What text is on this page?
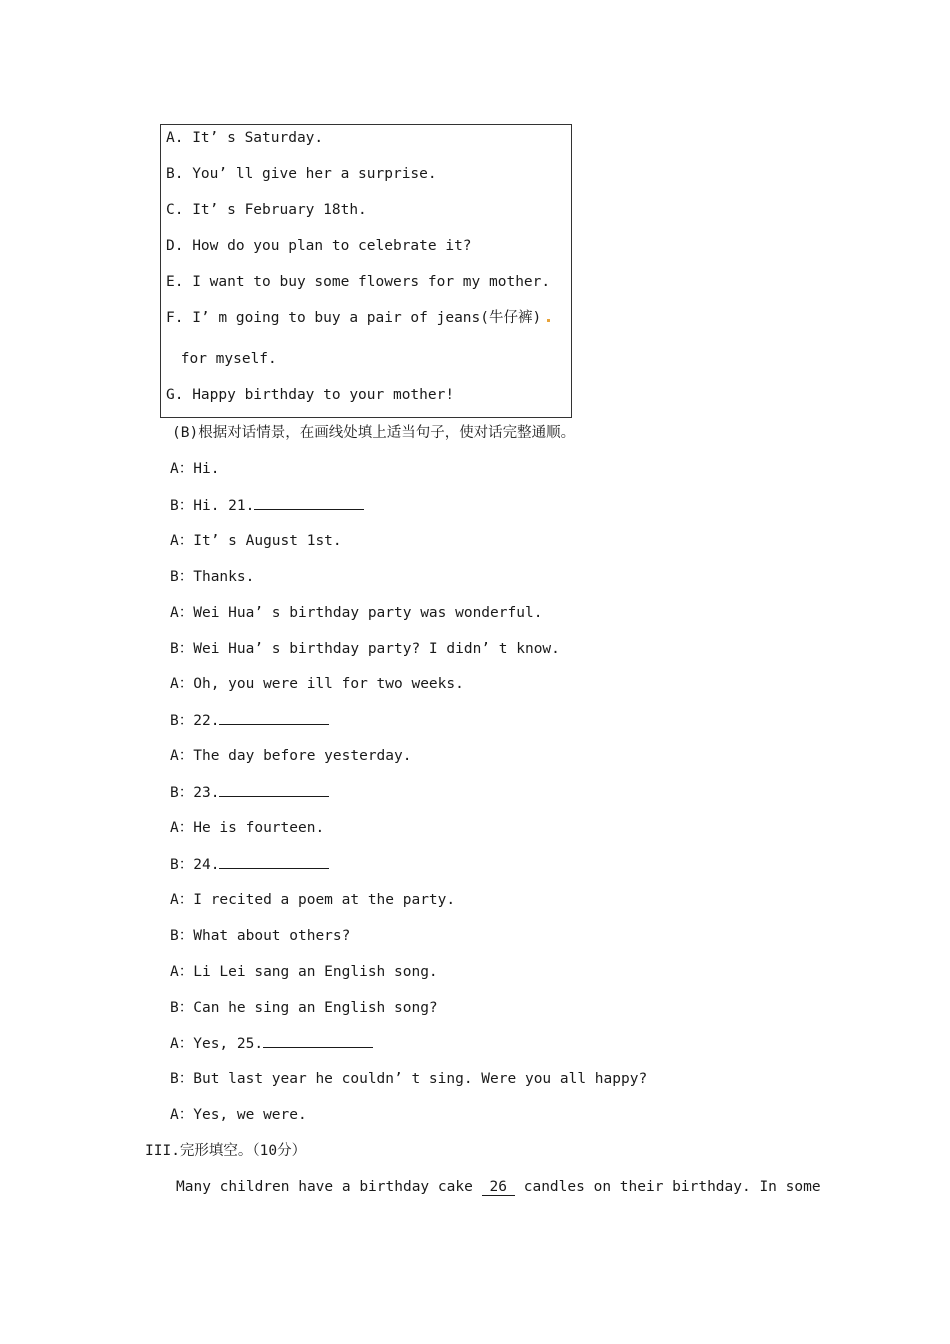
A. It’ s Saturday.
B. You’ ll give her a surprise.
C. It’ s February 18th.
D. How do you plan to celebrate it?
E. I want to buy some flowers for my mother.
F. I’ m going to buy a pair of jeans(牛仔裤)
for myself.
G. Happy birthday to your mother!
(B)根据对话情景，在画线处填上适当句子，使对话完整通顺。
A：Hi.
B：Hi. 21.
A：It’ s August 1st.
B：Thanks.
A：Wei Hua’ s birthday party was wonderful.
B：Wei Hua’ s birthday party? I didn’ t know.
A：Oh, you were ill for two weeks.
B：22.
A：The day before yesterday.
B：23.
A：He is fourteen.
B：24.
A：I recited a poem at the party.
B：What about others?
A：Li Lei sang an English song.
B：Can he sing an English song?
A：Yes, 25.
B：But last year he couldn’ t sing. Were you all happy?
A：Yes, we were.
III.完形填空。（10分）
Many children have a birthday cake 26 candles on their birthday. In some
